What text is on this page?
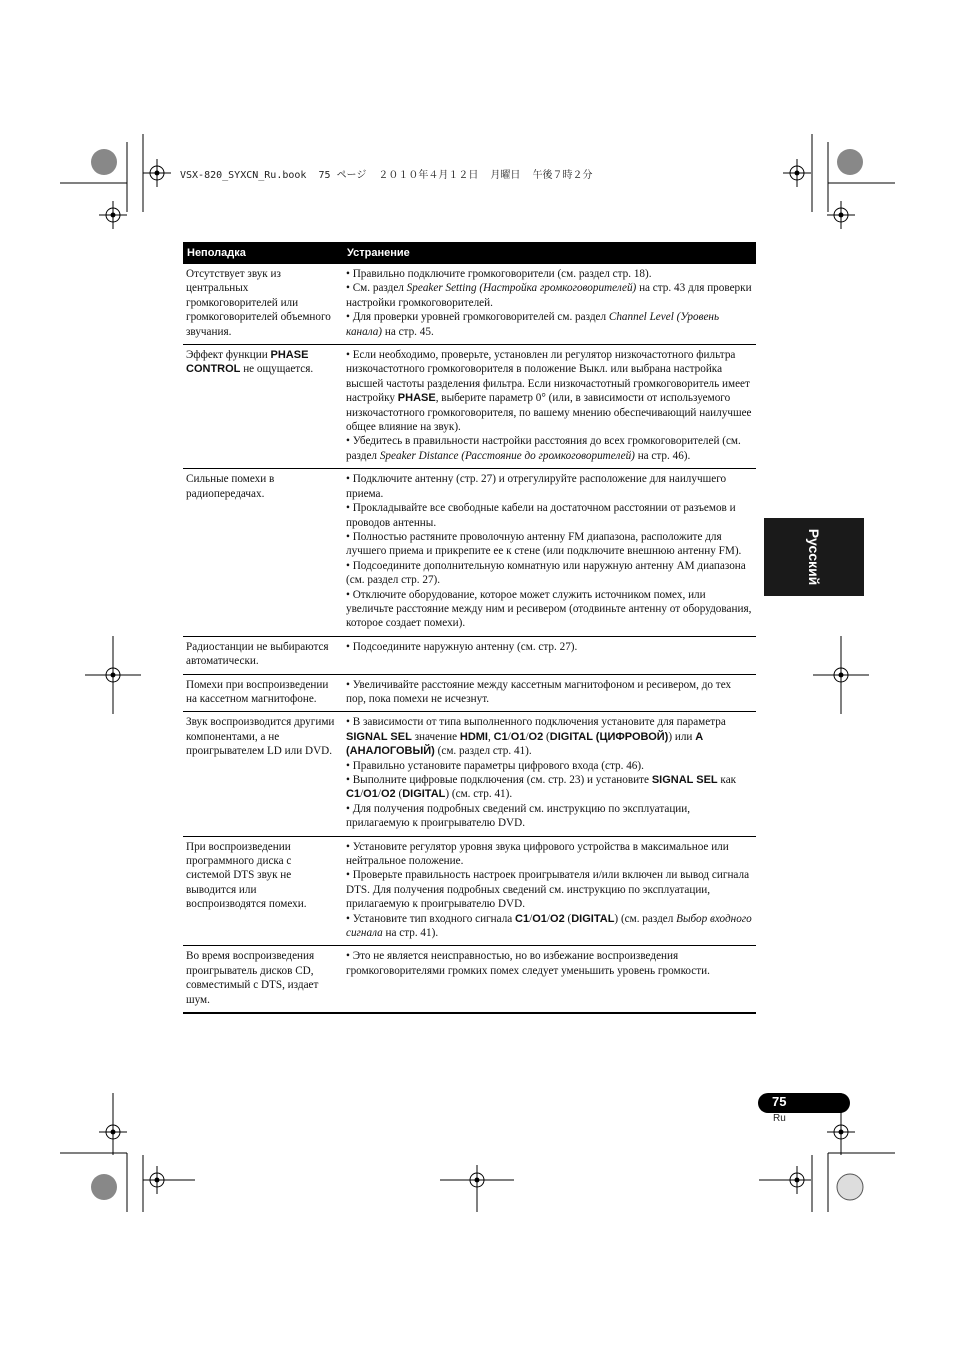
VSX-820_SYXCN_Ru.book  75 ページ  ２０１０年４月１２日  月曜日  午後７時２分
Неполадка	Устранение
Отсутствует звук из центральных громкоговорителей или громкоговорителей объемного звучания.	• Правильно подключите громкоговорители (см. раздел стр. 18).
• См. раздел Speaker Setting (Настройка громкоговорителей) на стр. 43 для проверки настройки громкоговорителей.
• Для проверки уровней громкоговорителей см. раздел Channel Level (Уровень канала) на стр. 45.

Эффект функции PHASE CONTROL не ощущается.	• Если необходимо, проверьте, установлен ли регулятор низкочастотного фильтра низкочастотного громкоговорителя в положение Выкл. или выбрана настройка высшей частоты разделения фильтра. Если низкочастотный громкоговоритель имеет настройку PHASE, выберите параметр 0° (или, в зависимости от используемого низкочастотного громкоговорителя, по вашему мнению обеспечивающий наилучшее общее влияние на звук).
• Убедитесь в правильности настройки расстояния до всех громкоговорителей (см. раздел Speaker Distance (Расстояние до громкоговорителей) на стр. 46).

Сильные помехи в радиопередачах.	• Подключите антенну (стр. 27) и отрегулируйте расположение для наилучшего приема.
• Прокладывайте все свободные кабели на достаточном расстоянии от разъемов и проводов антенны.
• Полностью растяните проволочную антенну FM диапазона, расположите для лучшего приема и прикрепите ее к стене (или подключите внешнюю антенну FM).
• Подсоедините дополнительную комнатную или наружную антенну AM диапазона (см. раздел стр. 27).
• Отключите оборудование, которое может служить источником помех, или увеличьте расстояние между ним и ресивером (отодвиньте антенну от оборудования, которое создает помехи).

Радиостанции не выбираются автоматически.	• Подсоедините наружную антенну (см. стр. 27).

Помехи при воспроизведении на кассетном магнитофоне.	• Увеличивайте расстояние между кассетным магнитофоном и ресивером, до тех пор, пока помехи не исчезнут.

Звук воспроизводится другими компонентами, а не проигрывателем LD или DVD.	• В зависимости от типа выполненного подключения установите для параметра SIGNAL SEL значение HDMI, C1/O1/O2 (DIGITAL (ЦИФРОВОЙ)) или A (АНАЛОГОВЫЙ) (см. раздел стр. 41).
• Правильно установите параметры цифрового входа (стр. 46).
• Выполните цифровые подключения (см. стр. 23) и установите SIGNAL SEL как C1/O1/O2 (DIGITAL) (см. стр. 41).
• Для получения подробных сведений см. инструкцию по эксплуатации, прилагаемую к проигрывателю DVD.

При воспроизведении программного диска с системой DTS звук не выводится или воспроизводятся помехи.	• Установите регулятор уровня звука цифрового устройства в максимальное или нейтральное положение.
• Проверьте правильность настроек проигрывателя и/или включен ли вывод сигнала DTS. Для получения подробных сведений см. инструкцию по эксплуатации, прилагаемую к проигрывателю DVD.
• Установите тип входного сигнала C1/O1/O2 (DIGITAL) (см. раздел Выбор входного сигнала на стр. 41).

Во время воспроизведения проигрыватель дисков CD, совместимый с DTS, издает шум.	• Это не является неисправностью, но во избежание воспроизведения громкоговорителями громких помех следует уменьшить уровень громкости.
Русский
75
Ru
